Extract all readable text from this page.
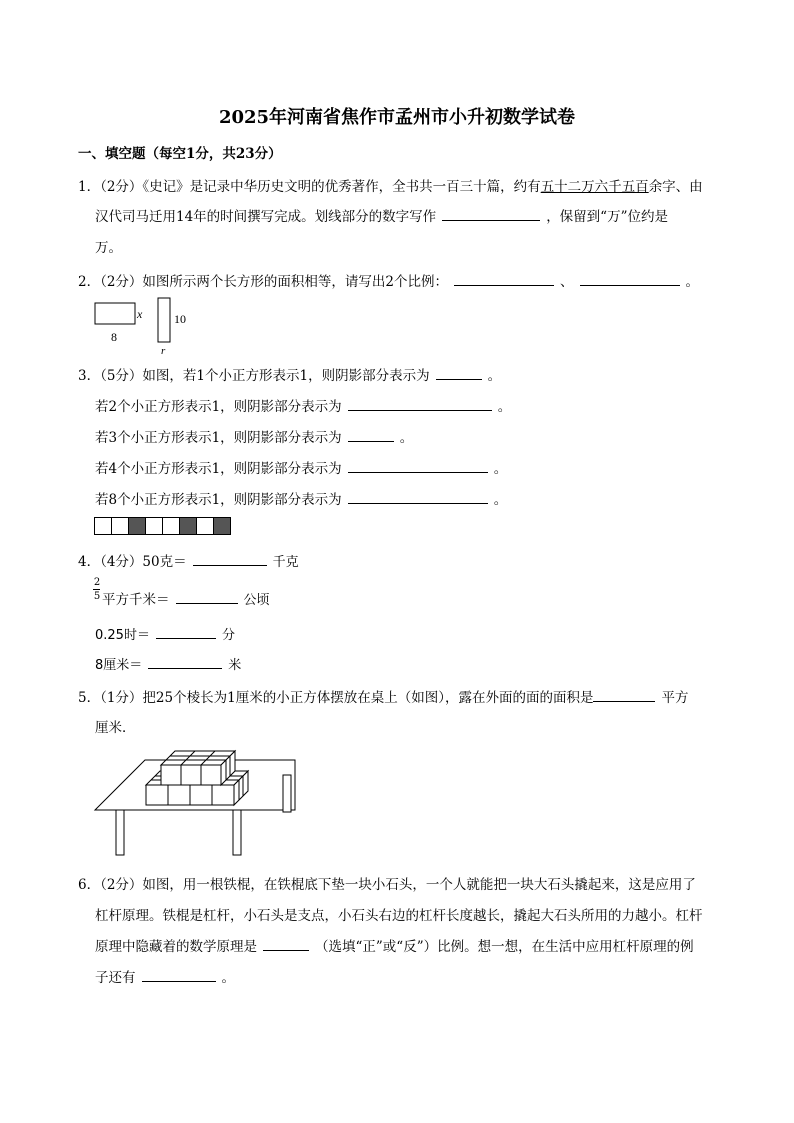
2025年河南省焦作市孟州市小升初数学试卷
一、填空题（每空1分，共23分）
1．（2分）《史记》是记录中华历史文明的优秀著作，全书共一百三十篇，约有五十二万六千五百余字、由
汉代司马迁用14年的时间撰写完成。划线部分的数字写作	，保留到“万”位约是
万。
2．（2分）如图所示两个长方形的面积相等，请写出2个比例：	、	。
x
8
10
r
3．（5分）如图，若1个小正方形表示1，则阴影部分表示为	。
若2个小正方形表示1，则阴影部分表示为	。
若3个小正方形表示1，则阴影部分表示为	。
若4个小正方形表示1，则阴影部分表示为	。
若8个小正方形表示1，则阴影部分表示为	。
4．（4分）50克＝	千克
2
5 平方千米＝	公顷
0.25时＝	分
8厘米＝	米
5．（1分）把25个棱长为1厘米的小正方体摆放在桌上（如图），露在外面的面的面积是	平方
厘米．
6．（2分）如图，用一根铁棍，在铁棍底下垫一块小石头，一个人就能把一块大石头撬起来，这是应用了
杠杆原理。铁棍是杠杆，小石头是支点，小石头右边的杠杆长度越长，撬起大石头所用的力越小。杠杆
原理中隐藏着的数学原理是	（选填“正”或“反”）比例。想一想，在生活中应用杠杆原理的例
子还有	。
